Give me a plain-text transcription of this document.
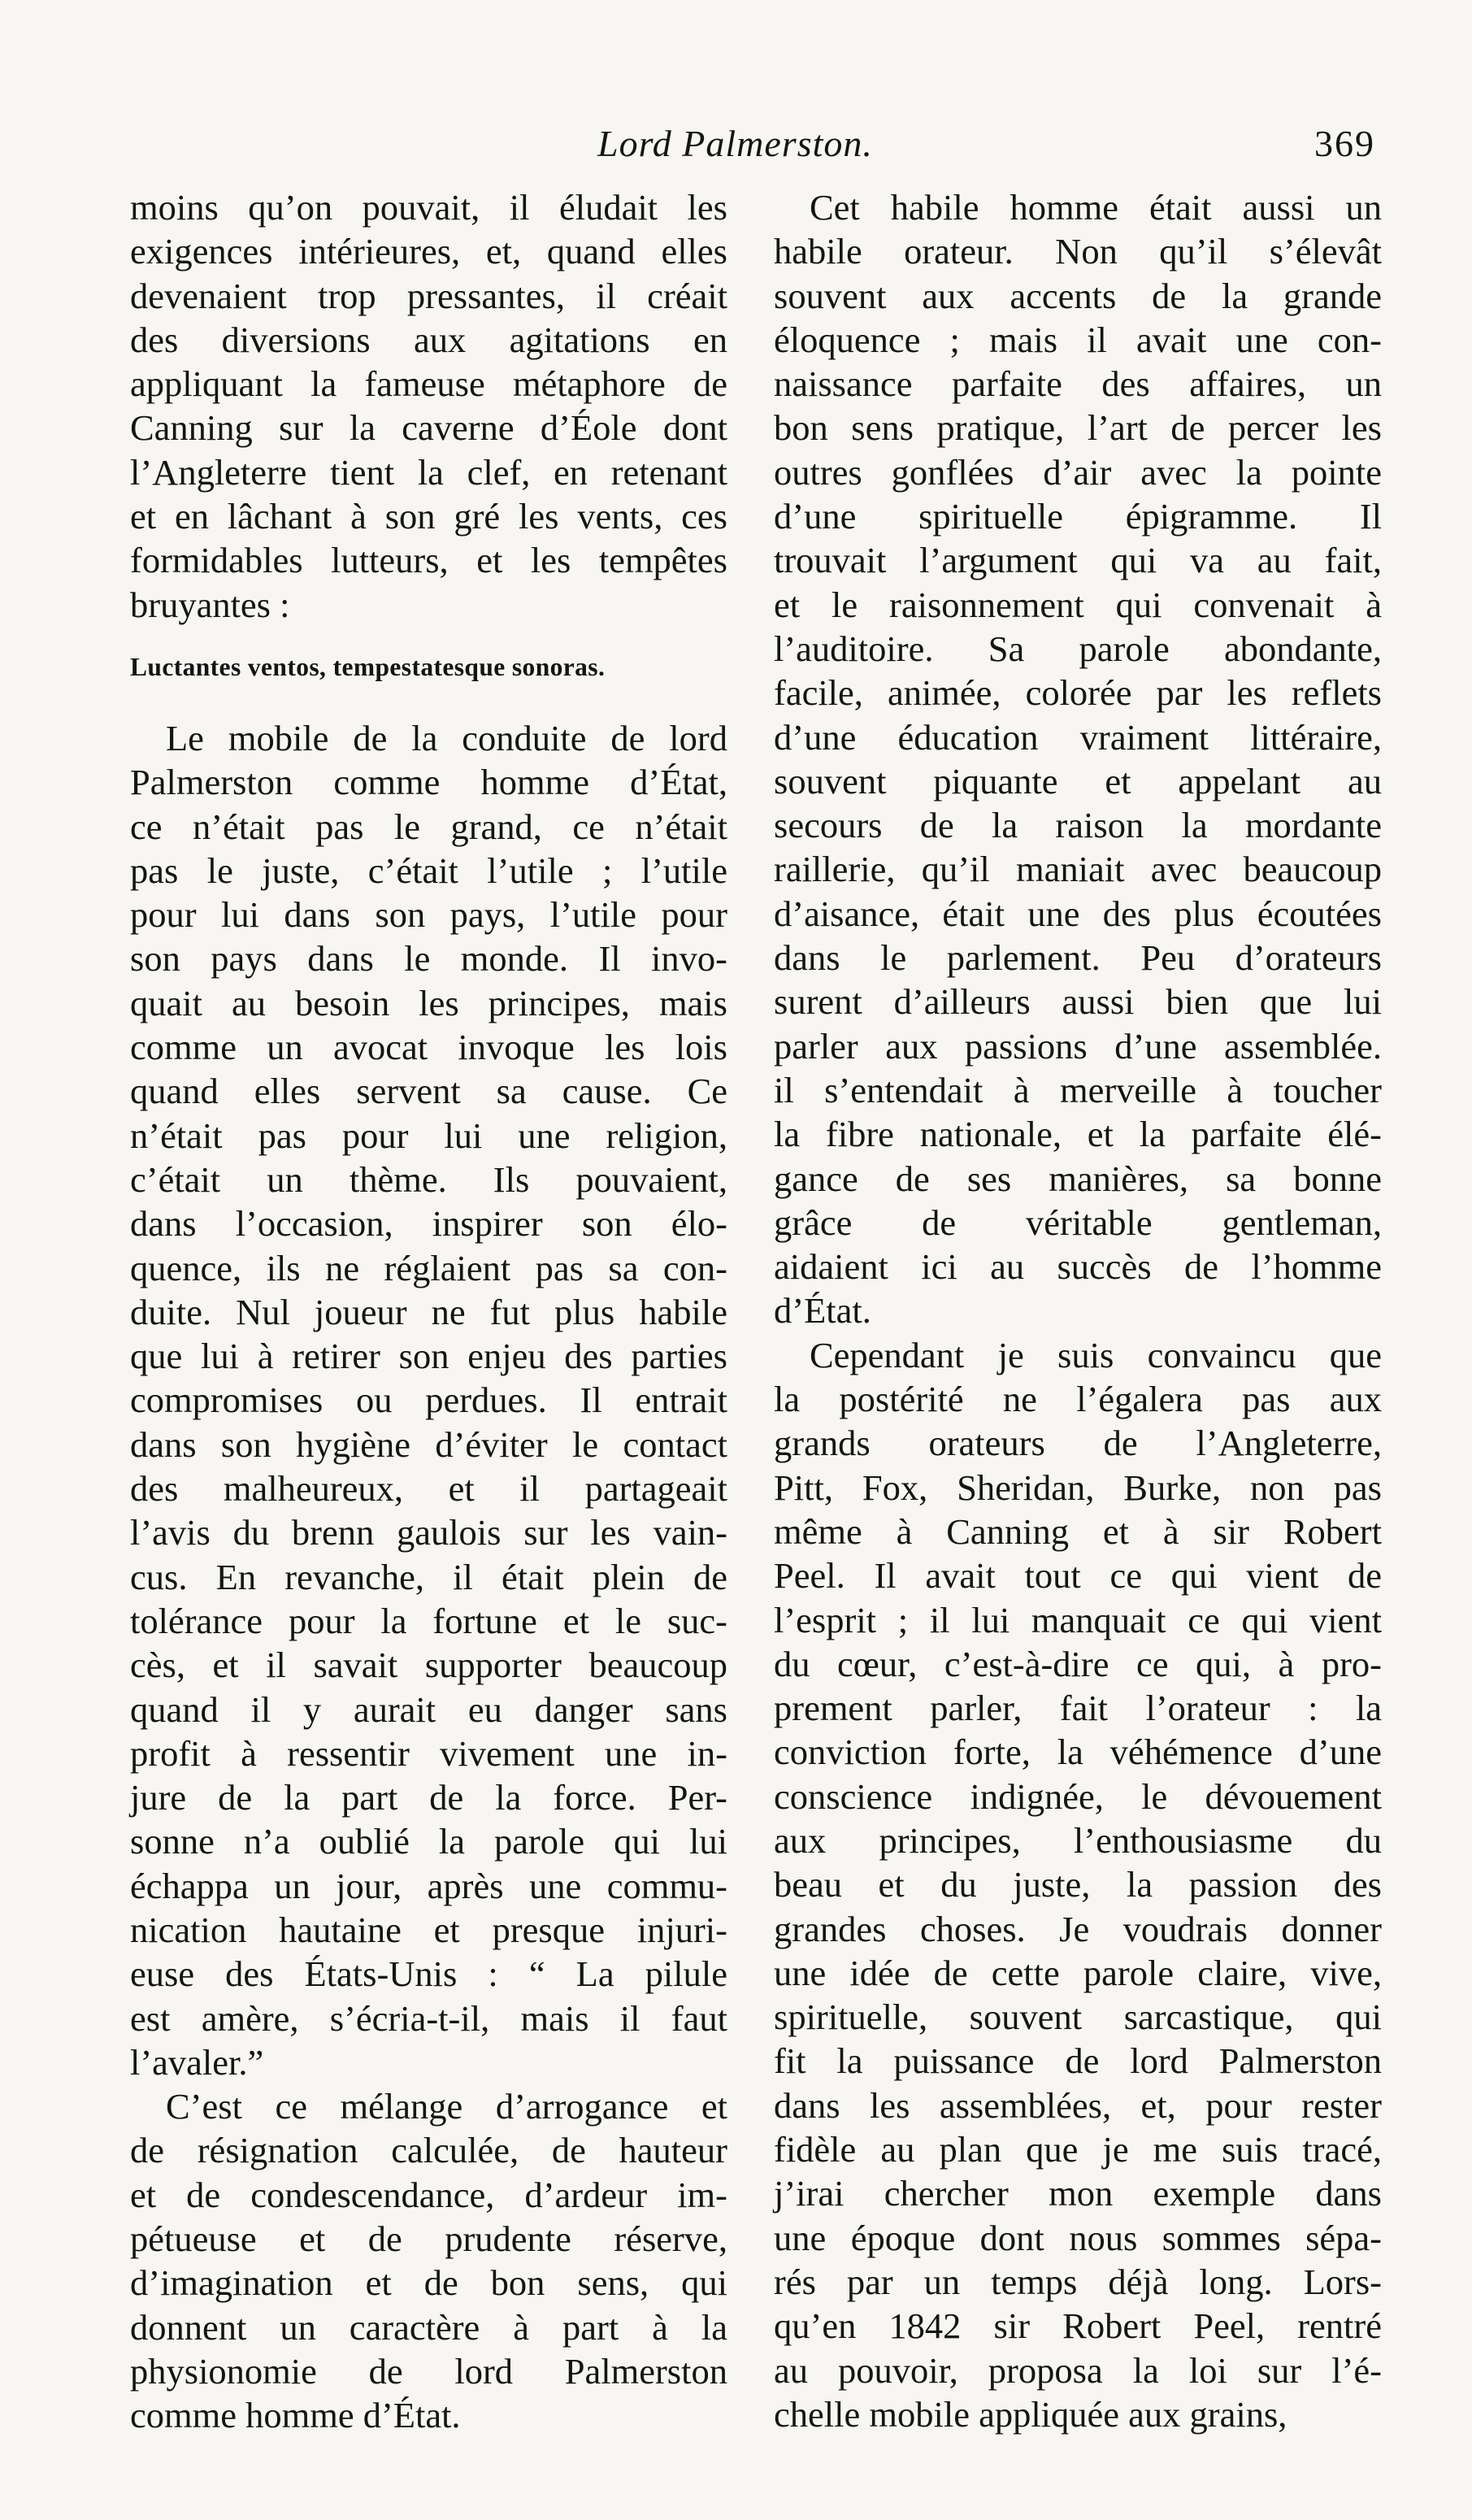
Lord Palmerston.	369

moins qu’on pouvait, il éludait les
exigences intérieures, et, quand elles
devenaient trop pressantes, il créait
des diversions aux agitations en
appliquant la fameuse métaphore de
Canning sur la caverne d’Éole dont
l’Angleterre tient la clef, en retenant
et en lâchant à son gré les vents, ces
formidables lutteurs, et les tempêtes
bruyantes :

Luctantes ventos, tempestatesque sonoras.

Le mobile de la conduite de lord
Palmerston comme homme d’État,
ce n’était pas le grand, ce n’était
pas le juste, c’était l’utile ; l’utile
pour lui dans son pays, l’utile pour
son pays dans le monde. Il invo-
quait au besoin les principes, mais
comme un avocat invoque les lois
quand elles servent sa cause. Ce
n’était pas pour lui une religion,
c’était un thème. Ils pouvaient,
dans l’occasion, inspirer son élo-
quence, ils ne réglaient pas sa con-
duite. Nul joueur ne fut plus habile
que lui à retirer son enjeu des parties
compromises ou perdues. Il entrait
dans son hygiène d’éviter le contact
des malheureux, et il partageait
l’avis du brenn gaulois sur les vain-
cus. En revanche, il était plein de
tolérance pour la fortune et le suc-
cès, et il savait supporter beaucoup
quand il y aurait eu danger sans
profit à ressentir vivement une in-
jure de la part de la force. Per-
sonne n’a oublié la parole qui lui
échappa un jour, après une commu-
nication hautaine et presque injuri-
euse des États-Unis : “ La pilule
est amère, s’écria-t-il, mais il faut
l’avaler.”

C’est ce mélange d’arrogance et
de résignation calculée, de hauteur
et de condescendance, d’ardeur im-
pétueuse et de prudente réserve,
d’imagination et de bon sens, qui
donnent un caractère à part à la
physionomie de lord Palmerston
comme homme d’État.

Cet habile homme était aussi un
habile orateur. Non qu’il s’élevât
souvent aux accents de la grande
éloquence ; mais il avait une con-
naissance parfaite des affaires, un
bon sens pratique, l’art de percer les
outres gonflées d’air avec la pointe
d’une spirituelle épigramme. Il
trouvait l’argument qui va au fait,
et le raisonnement qui convenait à
l’auditoire. Sa parole abondante,
facile, animée, colorée par les reflets
d’une éducation vraiment littéraire,
souvent piquante et appelant au
secours de la raison la mordante
raillerie, qu’il maniait avec beaucoup
d’aisance, était une des plus écoutées
dans le parlement. Peu d’orateurs
surent d’ailleurs aussi bien que lui
parler aux passions d’une assemblée.
il s’entendait à merveille à toucher
la fibre nationale, et la parfaite élé-
gance de ses manières, sa bonne
grâce de véritable gentleman,
aidaient ici au succès de l’homme
d’État.

Cependant je suis convaincu que
la postérité ne l’égalera pas aux
grands orateurs de l’Angleterre,
Pitt, Fox, Sheridan, Burke, non pas
même à Canning et à sir Robert
Peel. Il avait tout ce qui vient de
l’esprit ; il lui manquait ce qui vient
du cœur, c’est-à-dire ce qui, à pro-
prement parler, fait l’orateur : la
conviction forte, la véhémence d’une
conscience indignée, le dévouement
aux principes, l’enthousiasme du
beau et du juste, la passion des
grandes choses. Je voudrais donner
une idée de cette parole claire, vive,
spirituelle, souvent sarcastique, qui
fit la puissance de lord Palmerston
dans les assemblées, et, pour rester
fidèle au plan que je me suis tracé,
j’irai chercher mon exemple dans
une époque dont nous sommes sépa-
rés par un temps déjà long. Lors-
qu’en 1842 sir Robert Peel, rentré
au pouvoir, proposa la loi sur l’é-
chelle mobile appliquée aux grains,
